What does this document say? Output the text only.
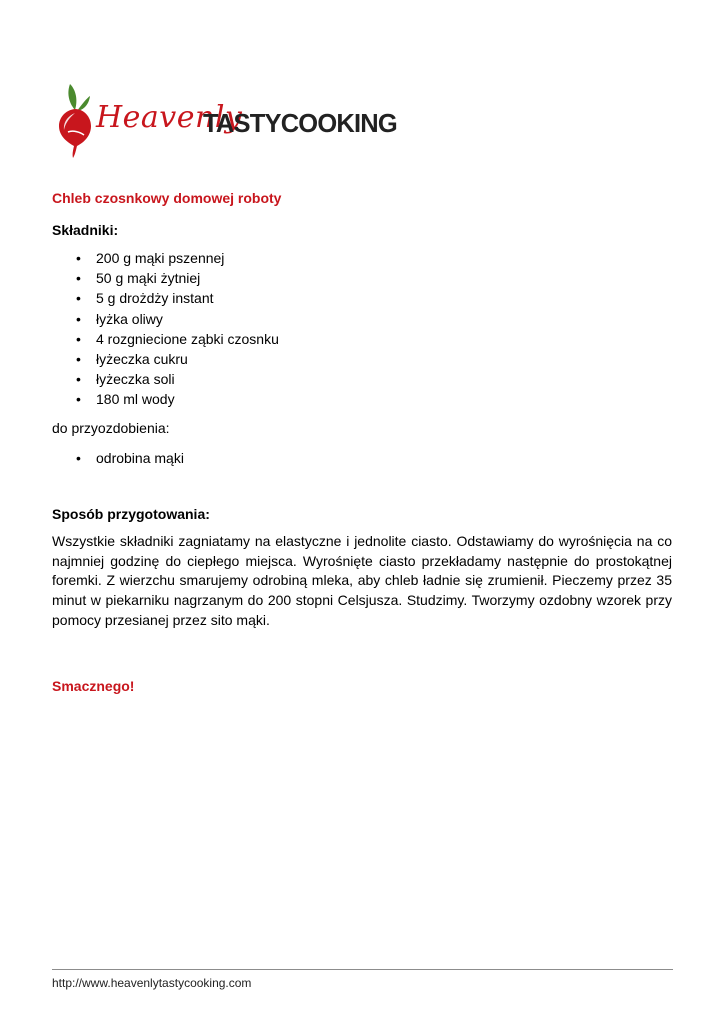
Heavenly
TASTYCOOKING
Chleb czosnkowy domowej roboty
Składniki:
• 200 g mąki pszennej
• 50 g mąki żytniej
• 5 g drożdży instant
• łyżka oliwy
• 4 rozgniecione ząbki czosnku
• łyżeczka cukru
• łyżeczka soli
• 180 ml wody
do przyozdobienia:
• odrobina mąki
Sposób przygotowania:

Wszystkie składniki zagniatamy na elastyczne i jednolite ciasto. Odstawiamy do wyrośnięcia na co najmniej godzinę do ciepłego miejsca. Wyrośnięte ciasto przekładamy następnie do prostokątnej foremki. Z wierzchu smarujemy odrobiną mleka, aby chleb ładnie się zrumienił. Pieczemy przez 35 minut w piekarniku nagrzanym do 200 stopni Celsjusza. Studzimy. Tworzymy ozdobny wzorek przy pomocy przesianej przez sito mąki.

Smacznego!
http://www.heavenlytastycooking.com
